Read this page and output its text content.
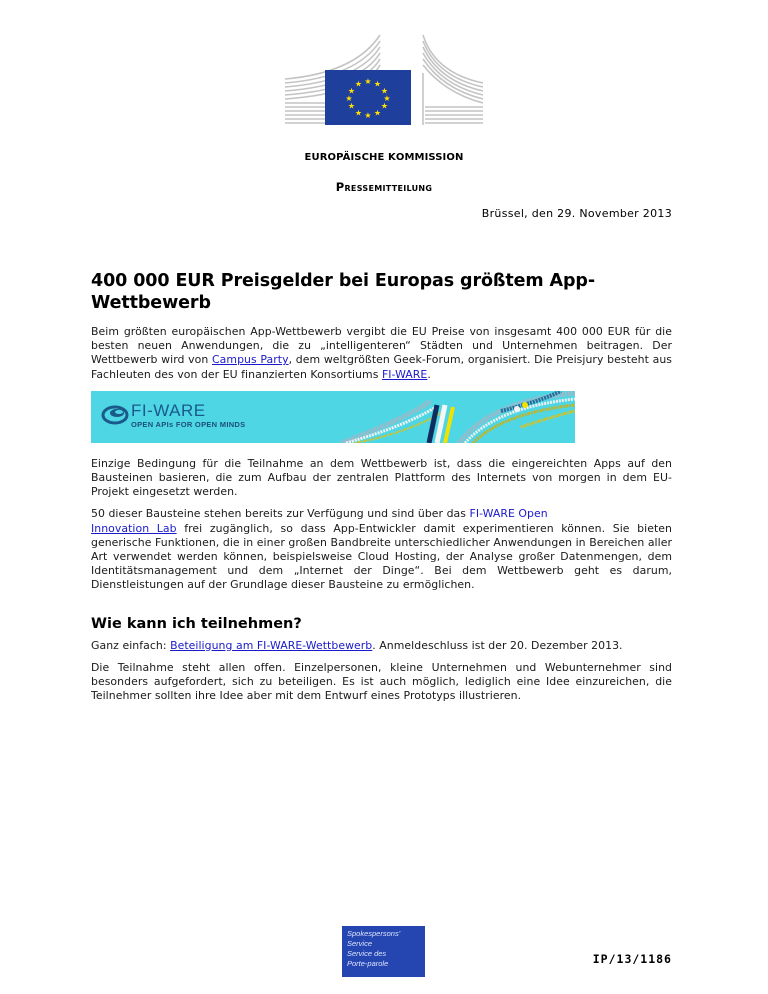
★ ★
★
★
★
★
★
★
★
★
★
★
EUROPÄISCHE KOMMISSION
Pressemitteilung
Brüssel, den 29. November 2013
400 000 EUR Preisgelder bei Europas größtem App-Wettbewerb

Beim größten europäischen App-Wettbewerb vergibt die EU Preise von insgesamt 400 000 EUR für die besten neuen Anwendungen, die zu „intelligenteren“ Städten und Unternehmen beitragen. Der Wettbewerb wird von Campus Party, dem weltgrößten Geek-Forum, organisiert. Die Preisjury besteht aus Fachleuten des von der EU finanzierten Konsortiums FI-WARE.

FI-WARE
OPEN APIs FOR OPEN MINDS

Einzige Bedingung für die Teilnahme an dem Wettbewerb ist, dass die eingereichten Apps auf den Bausteinen basieren, die zum Aufbau der zentralen Plattform des Internets von morgen in dem EU-Projekt eingesetzt werden.

50 dieser Bausteine stehen bereits zur Verfügung und sind über das FI-WARE Open
Innovation Lab frei zugänglich, so dass App-Entwickler damit experimentieren können. Sie bieten generische Funktionen, die in einer großen Bandbreite unterschiedlicher Anwendungen in Bereichen aller Art verwendet werden können, beispielsweise Cloud Hosting, der Analyse großer Datenmengen, dem Identitätsmanagement und dem „Internet der Dinge“. Bei dem Wettbewerb geht es darum, Dienstleistungen auf der Grundlage dieser Bausteine zu ermöglichen.

Wie kann ich teilnehmen?

Ganz einfach: Beteiligung am FI-WARE-Wettbewerb. Anmeldeschluss ist der 20. Dezember 2013.

Die Teilnahme steht allen offen. Einzelpersonen, kleine Unternehmen und Webunternehmer sind besonders aufgefordert, sich zu beteiligen. Es ist auch möglich, lediglich eine Idee einzureichen, die Teilnehmer sollten ihre Idee aber mit dem Entwurf eines Prototyps illustrieren.

Spokespersons'
Service
Service des
Porte-parole	IP/13/1186
